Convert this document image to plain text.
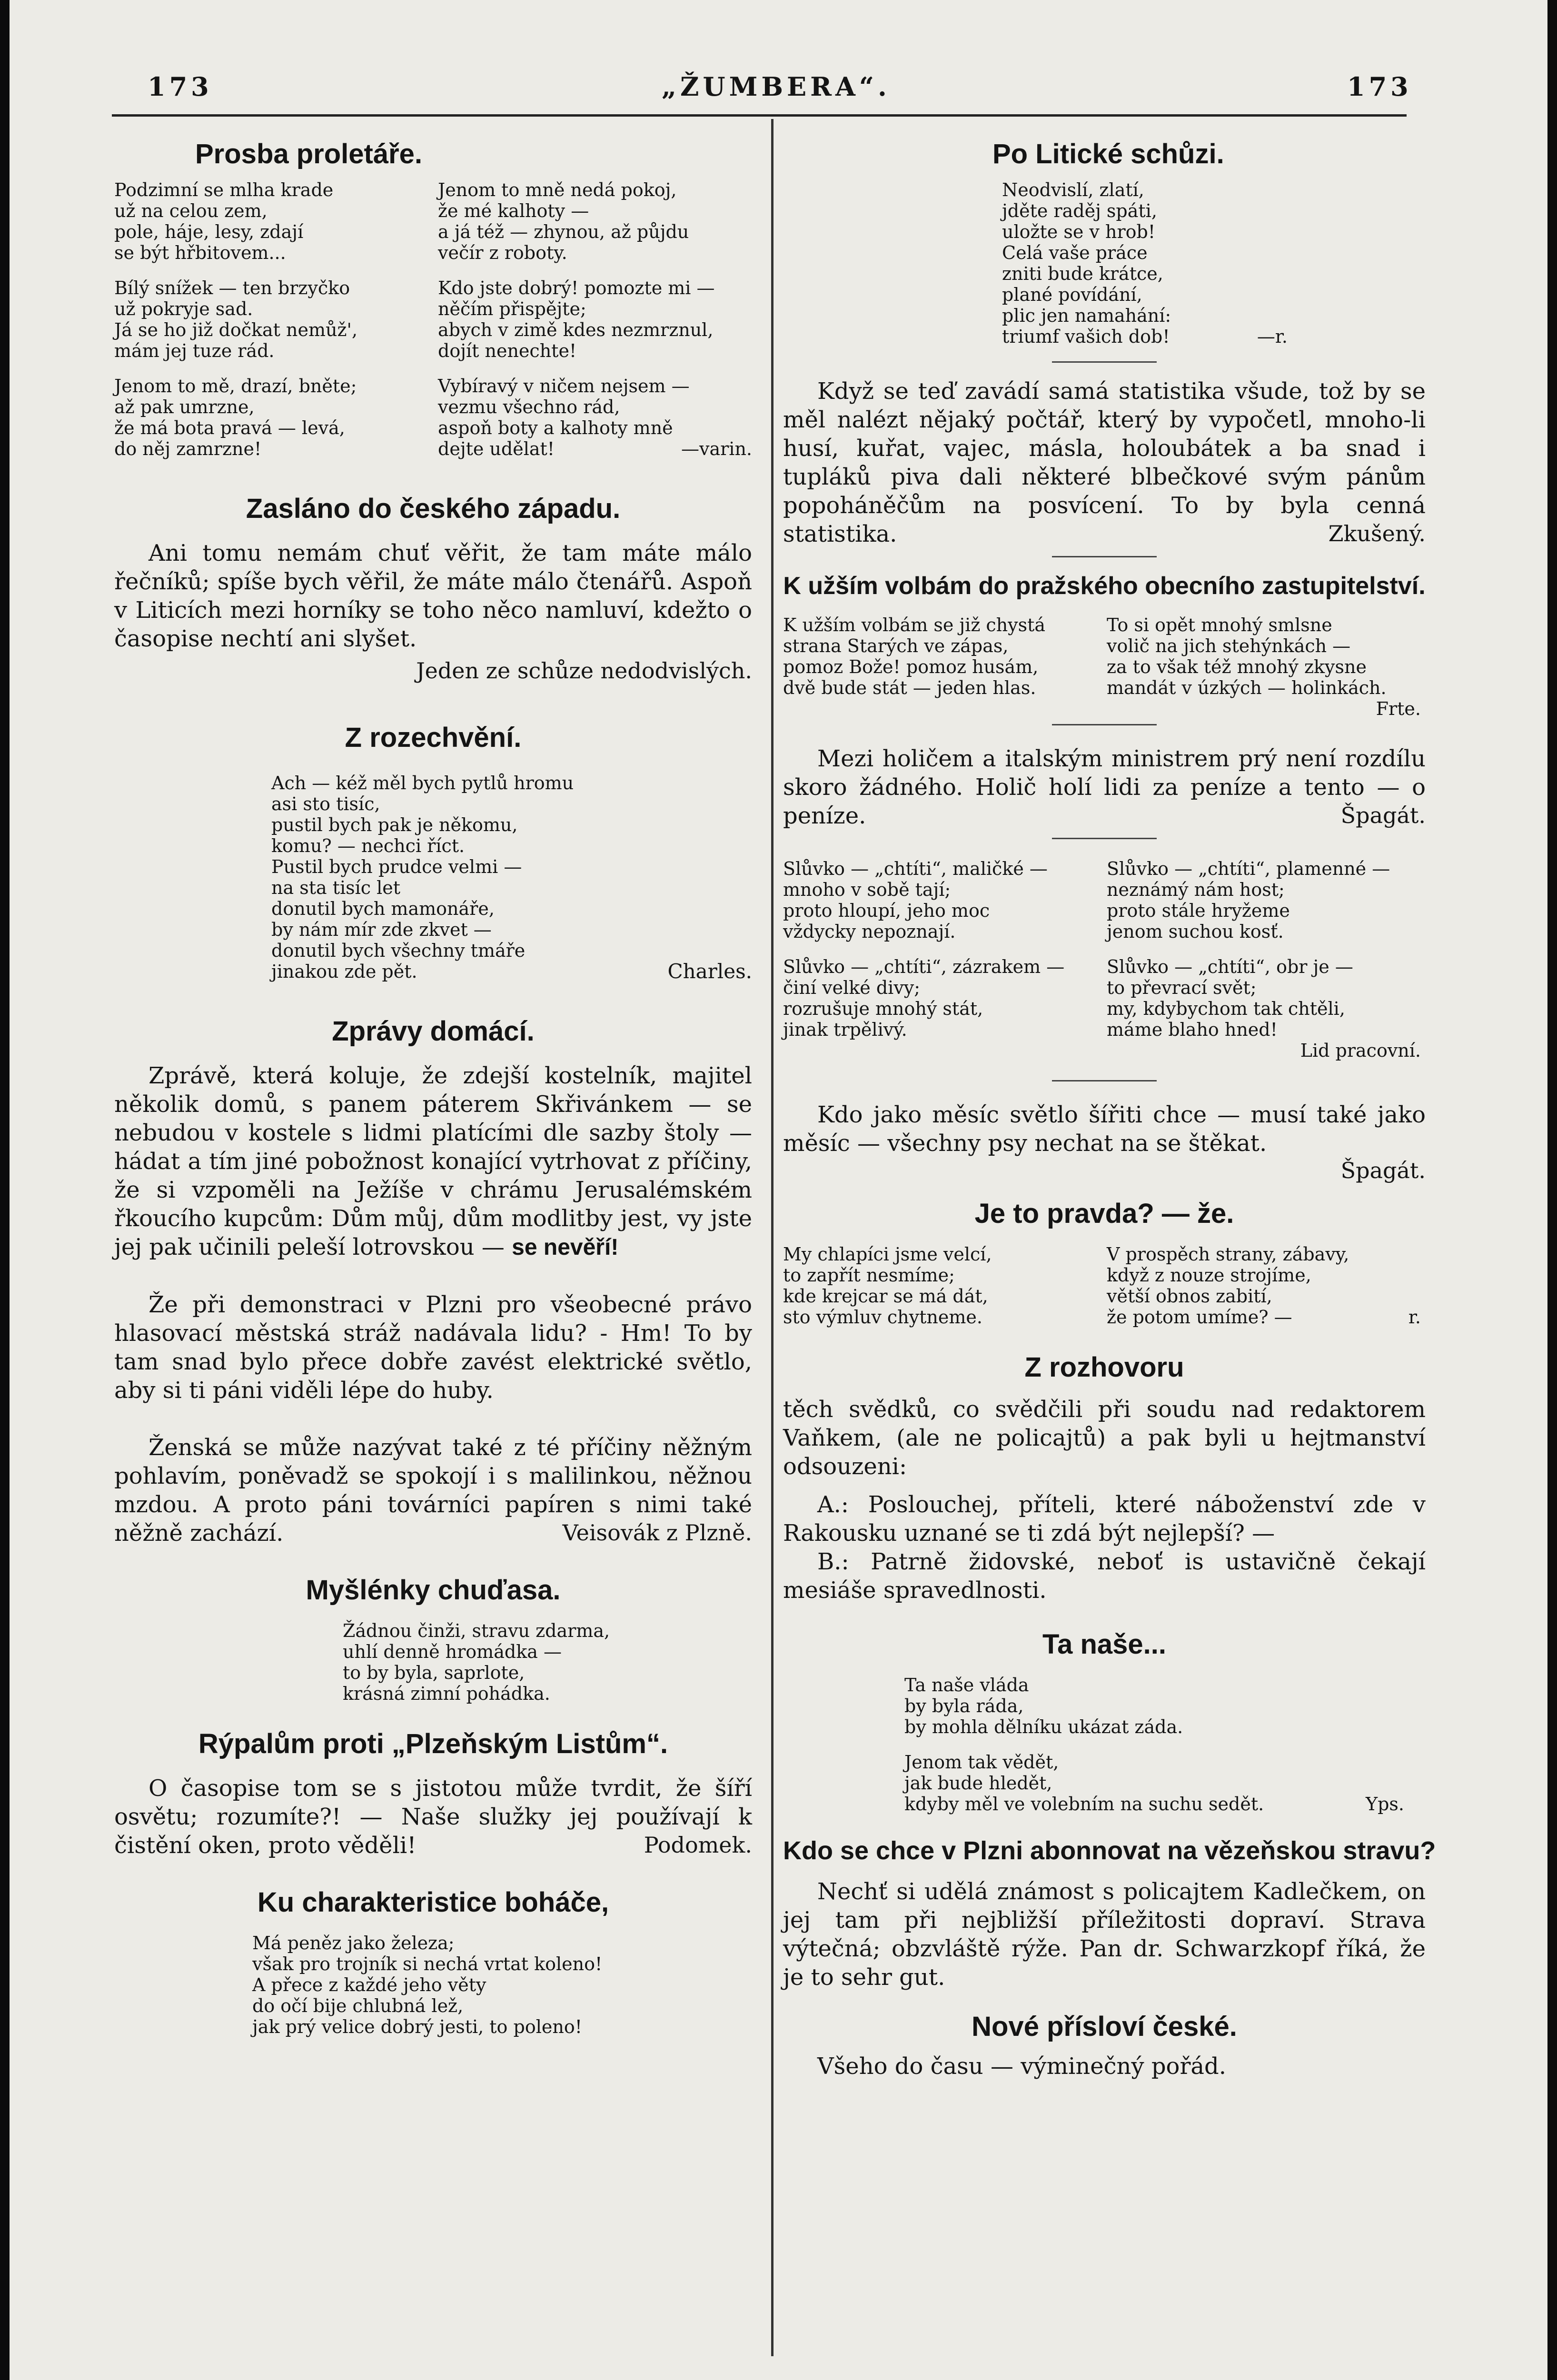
173	„ŽUMBERA“.	173
Prosba proletáře.
Podzimní se mlha krade
už na celou zem,
pole, háje, lesy, zdají
se být hřbitovem...
Bílý snížek — ten brzyčko
už pokryje sad.
Já se ho již dočkat nemůž',
mám jej tuze rád.
Jenom to mě, drazí, bněte;
až pak umrzne,
že má bota pravá — levá,
do něj zamrzne!
Jenom to mně nedá pokoj,
že mé kalhoty —
a já též — zhynou, až půjdu
večír z roboty.
Kdo jste dobrý! pomozte mi —
něčím přispějte;
abych v zimě kdes nezmrznul,
dojít nenechte!
Vybíravý v ničem nejsem —
vezmu všechno rád,
aspoň boty a kalhoty mně
dejte udělat!	—varin.
Zasláno do českého západu.
Ani tomu nemám chuť věřit, že tam máte málo řečníků; spíše bych věřil, že máte málo čtenářů. Aspoň v Liticích mezi horníky se toho něco namluví, kdežto o časopise nechtí ani slyšet.
Jeden ze schůze nedodvislých.
Z rozechvění.
Ach — kéž měl bych pytlů hromu
asi sto tisíc,
pustil bych pak je někomu,
komu? — nechci říct.
Pustil bych prudce velmi —
na sta tisíc let
donutil bych mamonáře,
by nám mír zde zkvet —
donutil bych všechny tmáře
jinakou zde pět.	Charles.
Zprávy domácí.
Zprávě, která koluje, že zdejší kostelník, majitel několik domů, s panem páterem Skřivánkem — se nebudou v kostele s lidmi platícími dle sazby štoly — hádat a tím jiné pobožnost konající vytrhovat z příčiny, že si vzpoměli na Ježíše v chrámu Jerusalémském řkoucího kupcům: Dům můj, dům modlitby jest, vy jste jej pak učinili peleší lotrovskou — se nevěří!
Že při demonstraci v Plzni pro všeobecné právo hlasovací městská stráž nadávala lidu? - Hm! To by tam snad bylo přece dobře zavést elektrické světlo, aby si ti páni viděli lépe do huby.
Ženská se může nazývat také z té příčiny něžným pohlavím, poněvadž se spokojí i s malilinkou, něžnou mzdou. A proto páni továrníci papíren s nimi také něžně zachází.	Veisovák z Plzně.
Myšlénky chuďasa.
Žádnou činži, stravu zdarma,
uhlí denně hromádka —
to by byla, saprlote,
krásná zimní pohádka.
Rýpalům proti „Plzeňským Listům“.
O časopise tom se s jistotou může tvrdit, že šíří osvětu; rozumíte?! — Naše služky jej používají k čistění oken, proto věděli!	Podomek.
Ku charakteristice boháče,
Má peněz jako železa;
však pro trojník si nechá vrtat koleno!
A přece z každé jeho věty
do očí bije chlubná lež,
jak prý velice dobrý jesti, to poleno!
Po Litické schůzi.
Neodvislí, zlatí,
jděte raděj spáti,
uložte se v hrob!
Celá vaše práce
zniti bude krátce,
plané povídání,
plic jen namahání:
triumf vašich dob!	—r.
Když se teď zavádí samá statistika všude, tož by se měl nalézt nějaký počtář, který by vypočetl, mnoho-li husí, kuřat, vajec, másla, holoubátek a ba snad i tupláků piva dali některé blbečkové svým pánům popoháněčům na posvícení. To by byla cenná statistika.	Zkušený.
K užším volbám do pražského obecního zastupitelství.
K užším volbám se již chystá
strana Starých ve zápas,
pomoz Bože! pomoz husám,
dvě bude stát — jeden hlas.
To si opět mnohý smlsne
volič na jich stehýnkách —
za to však též mnohý zkysne
mandát v úzkých — holinkách.
Frte.
Mezi holičem a italským ministrem prý není rozdílu skoro žádného. Holič holí lidi za peníze a tento — o peníze.	Špagát.
Slůvko — „chtíti“, maličké —
mnoho v sobě tají;
proto hloupí, jeho moc
vždycky nepoznají.
Slůvko — „chtíti“, zázrakem —
činí velké divy;
rozrušuje mnohý stát,
jinak trpělivý.
Slůvko — „chtíti“, plamenné —
neznámý nám host;
proto stále hryžeme
jenom suchou kosť.
Slůvko — „chtíti“, obr je —
to převrací svět;
my, kdybychom tak chtěli,
máme blaho hned!
Lid pracovní.
Kdo jako měsíc světlo šířiti chce — musí také jako měsíc — všechny psy nechat na se štěkat.
Špagát.
Je to pravda? — že.
My chlapíci jsme velcí,
to zapřít nesmíme;
kde krejcar se má dát,
sto výmluv chytneme.
V prospěch strany, zábavy,
když z nouze strojíme,
větší obnos zabití,
že potom umíme? —	r.
Z rozhovoru
těch svědků, co svědčili při soudu nad redaktorem Vaňkem, (ale ne policajtů) a pak byli u hejtmanství odsouzeni:
A.: Poslouchej, příteli, které náboženství zde v Rakousku uznané se ti zdá být nejlepší? —
B.: Patrně židovské, neboť is ustavičně čekají mesiáše spravedlnosti.
Ta naše...
Ta naše vláda
by byla ráda,
by mohla dělníku ukázat záda.
Jenom tak vědět,
jak bude hledět,
kdyby měl ve volebním na suchu sedět.	Yps.
Kdo se chce v Plzni abonnovat na vězeňskou stravu?
Nechť si udělá známost s policajtem Kadlečkem, on jej tam při nejbližší příležitosti dopraví. Strava výtečná; obzvláště rýže. Pan dr. Schwarzkopf říká, že je to sehr gut.
Nové přísloví české.
Všeho do času — výminečný pořád.
